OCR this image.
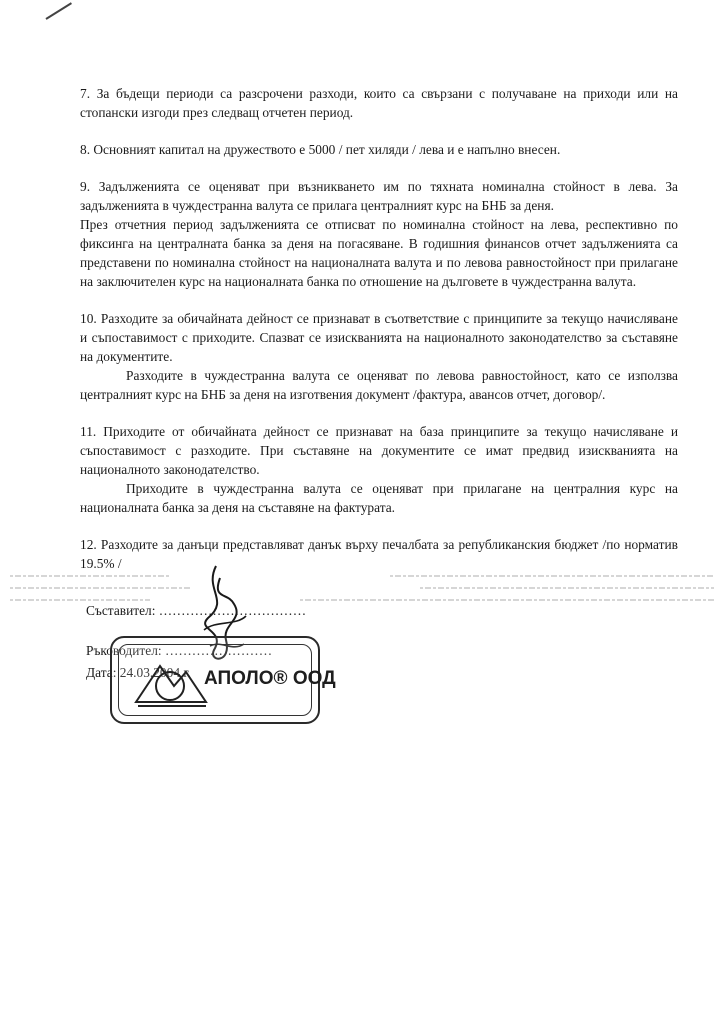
7. За бъдещи периоди са разсрочени разходи, които са свързани с получаване на приходи или на стопански изгоди през следващ отчетен период.

8. Основният капитал на дружеството е 5000 / пет хиляди / лева и е напълно внесен.

9. Задълженията се оценяват при възникването им по тяхната номинална стойност в лева. За задълженията в чуждестранна валута се прилага централният курс на БНБ за деня.

През отчетния период задълженията се отписват по номинална стойност на лева, респективно по фиксинга на централната банка за деня на погасяване. В годишния финансов отчет задълженията са представени по номинална стойност на националната валута и по левова равностойност при прилагане на заключителен курс на националната банка по отношение на дълговете в чуждестранна валута.

10. Разходите за обичайната дейност се признават в съответствие с принципите за текущо начисляване и съпоставимост с приходите. Спазват се изискванията на националното законодателство за съставяне на документите.

Разходите в чуждестранна валута се оценяват по левова равностойност, като се използва централният курс на БНБ за деня на изготвения документ /фактура, авансов отчет, договор/.

11. Приходите от обичайната дейност се признават на база принципите за текущо начисляване и съпоставимост с разходите. При съставяне на документите се имат предвид изискванията на националното законодателство.

Приходите в чуждестранна валута се оценяват при прилагане на централния курс на националната банка за деня на съставяне на фактурата.

12. Разходите за данъци представляват данък върху печалбата за републиканския бюджет /по норматив 19.5% /

Съставител: ……………………………
Ръководител: ……………………
Дата: 24.03.2004 г. АПОЛО® ООД
